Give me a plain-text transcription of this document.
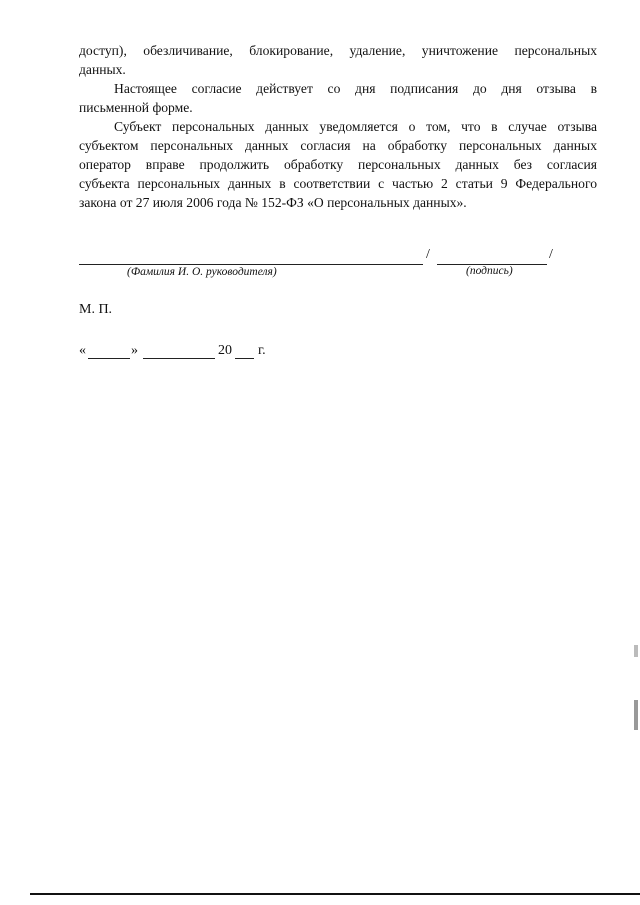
доступ), обезличивание, блокирование, удаление, уничтожение персональных
данных.
Настоящее согласие действует со дня подписания до дня отзыва в
письменной форме.
Субъект персональных данных уведомляется о том, что в случае отзыва
субъектом персональных данных согласия на обработку персональных данных
оператор вправе продолжить обработку персональных данных без согласия
субъекта персональных данных в соответствии с частью 2 статьи 9 Федерального
закона от 27 июля 2006 года № 152-ФЗ «О персональных данных».
/	/
(Фамилия И. О. руководителя)	(подпись)
М. П.
«	»	20 г.
